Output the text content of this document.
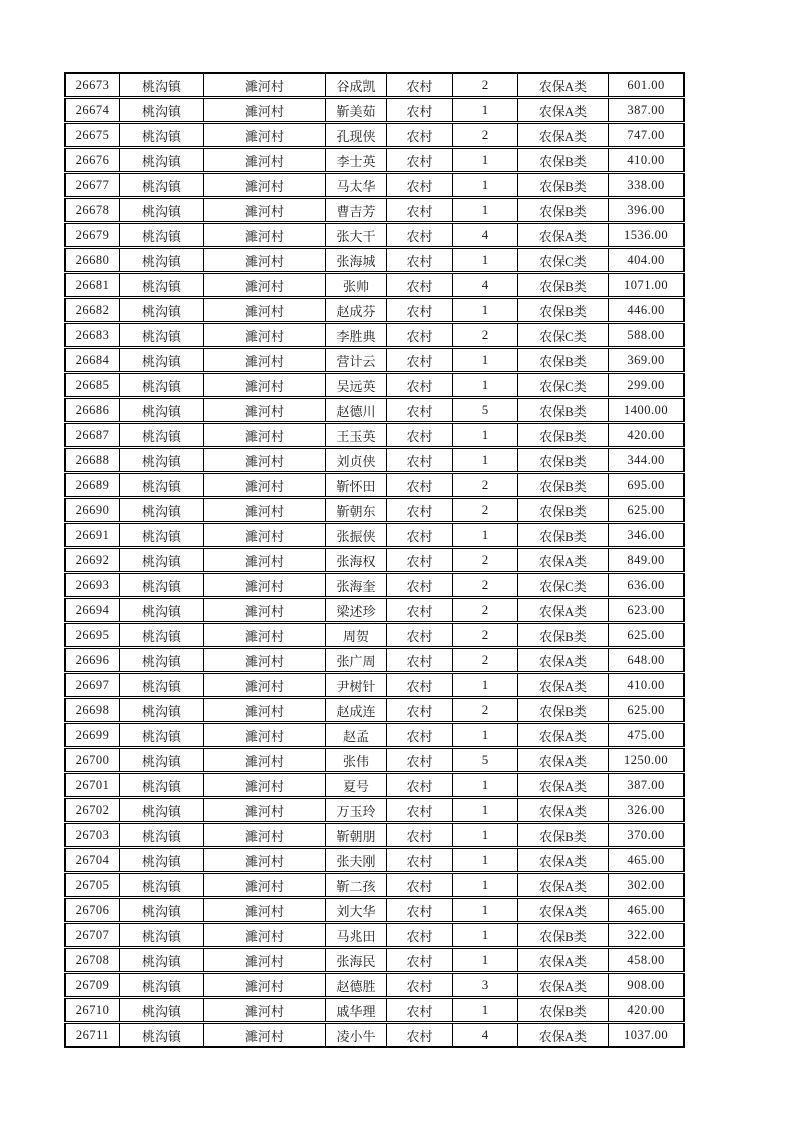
26673	桃沟镇	濉河村	谷成凯	农村	2	农保A类	601.00
26674	桃沟镇	濉河村	靳美茹	农村	1	农保A类	387.00
26675	桃沟镇	濉河村	孔现侠	农村	2	农保A类	747.00
26676	桃沟镇	濉河村	李士英	农村	1	农保B类	410.00
26677	桃沟镇	濉河村	马太华	农村	1	农保B类	338.00
26678	桃沟镇	濉河村	曹吉芳	农村	1	农保B类	396.00
26679	桃沟镇	濉河村	张大干	农村	4	农保A类	1536.00
26680	桃沟镇	濉河村	张海城	农村	1	农保C类	404.00
26681	桃沟镇	濉河村	张帅	农村	4	农保B类	1071.00
26682	桃沟镇	濉河村	赵成芬	农村	1	农保B类	446.00
26683	桃沟镇	濉河村	李胜典	农村	2	农保C类	588.00
26684	桃沟镇	濉河村	营计云	农村	1	农保B类	369.00
26685	桃沟镇	濉河村	吴远英	农村	1	农保C类	299.00
26686	桃沟镇	濉河村	赵德川	农村	5	农保B类	1400.00
26687	桃沟镇	濉河村	王玉英	农村	1	农保B类	420.00
26688	桃沟镇	濉河村	刘贞侠	农村	1	农保B类	344.00
26689	桃沟镇	濉河村	靳怀田	农村	2	农保B类	695.00
26690	桃沟镇	濉河村	靳朝东	农村	2	农保B类	625.00
26691	桃沟镇	濉河村	张振侠	农村	1	农保B类	346.00
26692	桃沟镇	濉河村	张海权	农村	2	农保A类	849.00
26693	桃沟镇	濉河村	张海奎	农村	2	农保C类	636.00
26694	桃沟镇	濉河村	梁述珍	农村	2	农保A类	623.00
26695	桃沟镇	濉河村	周贺	农村	2	农保B类	625.00
26696	桃沟镇	濉河村	张广周	农村	2	农保A类	648.00
26697	桃沟镇	濉河村	尹树针	农村	1	农保A类	410.00
26698	桃沟镇	濉河村	赵成连	农村	2	农保B类	625.00
26699	桃沟镇	濉河村	赵孟	农村	1	农保A类	475.00
26700	桃沟镇	濉河村	张伟	农村	5	农保A类	1250.00
26701	桃沟镇	濉河村	夏号	农村	1	农保A类	387.00
26702	桃沟镇	濉河村	万玉玲	农村	1	农保A类	326.00
26703	桃沟镇	濉河村	靳朝朋	农村	1	农保B类	370.00
26704	桃沟镇	濉河村	张夫刚	农村	1	农保A类	465.00
26705	桃沟镇	濉河村	靳二孩	农村	1	农保A类	302.00
26706	桃沟镇	濉河村	刘大华	农村	1	农保A类	465.00
26707	桃沟镇	濉河村	马兆田	农村	1	农保B类	322.00
26708	桃沟镇	濉河村	张海民	农村	1	农保A类	458.00
26709	桃沟镇	濉河村	赵德胜	农村	3	农保A类	908.00
26710	桃沟镇	濉河村	戚华理	农村	1	农保B类	420.00
26711	桃沟镇	濉河村	凌小牛	农村	4	农保A类	1037.00
